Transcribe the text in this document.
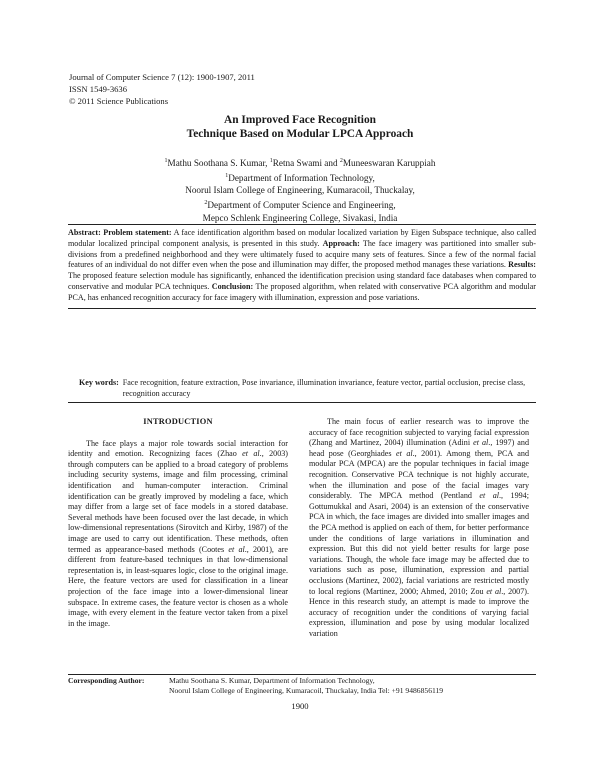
Journal of Computer Science 7 (12): 1900-1907, 2011
ISSN 1549-3636
© 2011 Science Publications
An Improved Face Recognition
Technique Based on Modular LPCA Approach
$^1$Mathu Soothana S. Kumar, $^1$Retna Swami and $^2$Muneeswaran Karuppiah
$^1$Department of Information Technology,
Noorul Islam College of Engineering, Kumaracoil, Thuckalay,
$^2$Department of Computer Science and Engineering,
Mepco Schlenk Engineering College, Sivakasi, India
Abstract: Problem statement: A face identification algorithm based on modular localized variation by Eigen Subspace technique, also called modular localized principal component analysis, is presented in this study. Approach: The face imagery was partitioned into smaller sub-divisions from a predefined neighborhood and they were ultimately fused to acquire many sets of features. Since a few of the normal facial features of an individual do not differ even when the pose and illumination may differ, the proposed method manages these variations. Results: The proposed feature selection module has significantly, enhanced the identification precision using standard face databases when compared to conservative and modular PCA techniques. Conclusion: The proposed algorithm, when related with conservative PCA algorithm and modular PCA, has enhanced recognition accuracy for face imagery with illumination, expression and pose variations.
Key words: Face recognition, feature extraction, Pose invariance, illumination invariance, feature vector, partial occlusion, precise class, recognition accuracy
INTRODUCTION

The face plays a major role towards social interaction for identity and emotion. Recognizing faces (Zhao et al., 2003) through computers can be applied to a broad category of problems including security systems, image and film processing, criminal identification and human-computer interaction. Criminal identification can be greatly improved by modeling a face, which may differ from a large set of face models in a stored database. Several methods have been focused over the last decade, in which low-dimensional representations (Sirovitch and Kirby, 1987) of the image are used to carry out identification. These methods, often termed as appearance-based methods (Cootes et al., 2001), are different from feature-based techniques in that low-dimensional representation is, in least-squares logic, close to the original image. Here, the feature vectors are used for classification in a linear projection of the face image into a lower-dimensional linear subspace. In extreme cases, the feature vector is chosen as a whole image, with every element in the feature vector taken from a pixel in the image.

The main focus of earlier research was to improve the accuracy of face recognition subjected to varying facial expression (Zhang and Martinez, 2004) illumination (Adini et al., 1997) and head pose (Georghiades et al., 2001). Among them, PCA and modular PCA (MPCA) are the popular techniques in facial image recognition. Conservative PCA technique is not highly accurate, when the illumination and pose of the facial images vary considerably. The MPCA method (Pentland et al., 1994; Gottumukkal and Asari, 2004) is an extension of the conservative PCA in which, the face images are divided into smaller images and the PCA method is applied on each of them, for better performance under the conditions of large variations in illumination and expression. But this did not yield better results for large pose variations. Though, the whole face image may be affected due to variations such as pose, illumination, expression and partial occlusions (Martinez, 2002), facial variations are restricted mostly to local regions (Martinez, 2000; Ahmed, 2010; Zou et al., 2007). Hence in this research study, an attempt is made to improve the accuracy of recognition under the conditions of varying facial expression, illumination and pose by using modular localized variation

Corresponding Author:	Mathu Soothana S. Kumar, Department of Information Technology,
Noorul Islam College of Engineering, Kumaracoil, Thuckalay, India Tel: +91 9486856119
1900
